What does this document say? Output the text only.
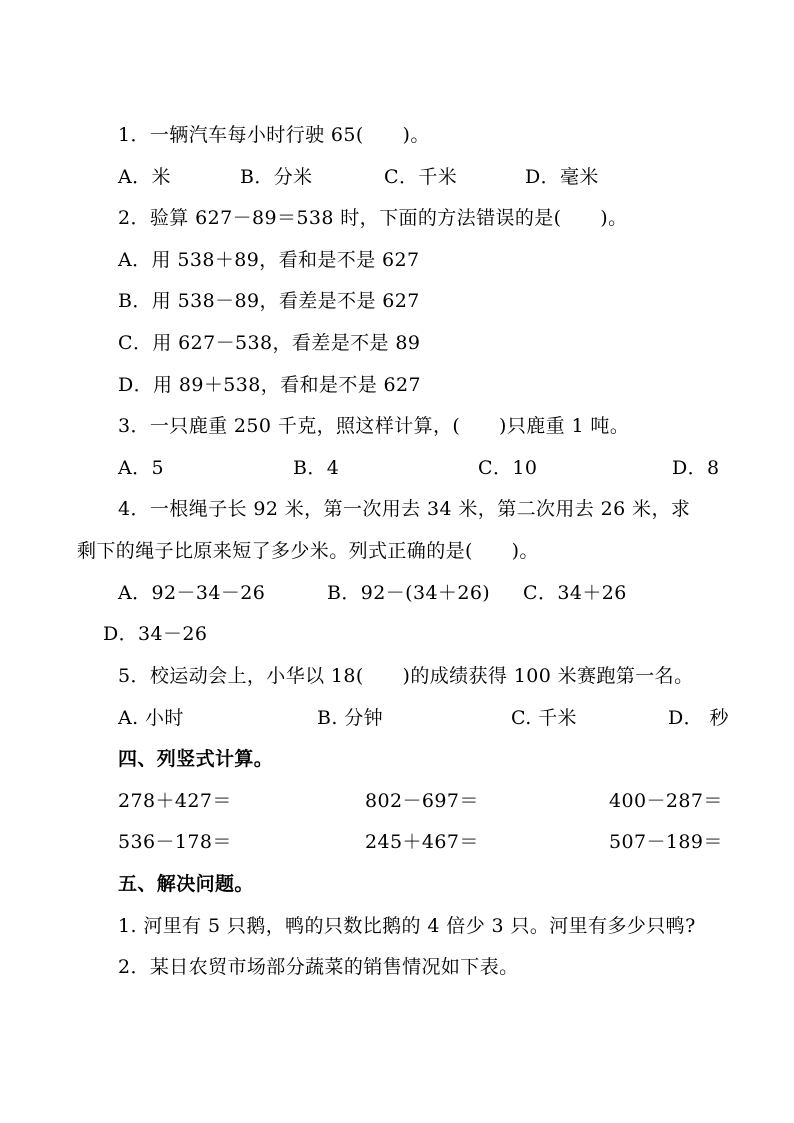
1．一辆汽车每小时行驶 65(　　)。
A．米	B．分米	C．千米	D．毫米
2．验算 627－89＝538 时，下面的方法错误的是(　　)。
A．用 538＋89，看和是不是 627
B．用 538－89，看差是不是 627
C．用 627－538，看差是不是 89
D．用 89＋538，看和是不是 627
3．一只鹿重 250 千克，照这样计算，(　　)只鹿重 1 吨。
A．5	B．4	C．10	D．8
4．一根绳子长 92 米，第一次用去 34 米，第二次用去 26 米，求
剩下的绳子比原来短了多少米。列式正确的是(　　)。
A．92－34－26	B．92－(34＋26) C．34＋26
D．34－26
5．校运动会上，小华以 18(　　)的成绩获得 100 米赛跑第一名。
A. 小时	B. 分钟	C. 千米	D． 秒
四、列竖式计算。
278＋427＝	802－697＝	400－287＝
536－178＝	245＋467＝	507－189＝
五、解决问题。
1. 河里有 5 只鹅，鸭的只数比鹅的 4 倍少 3 只。河里有多少只鸭?
2．某日农贸市场部分蔬菜的销售情况如下表。
